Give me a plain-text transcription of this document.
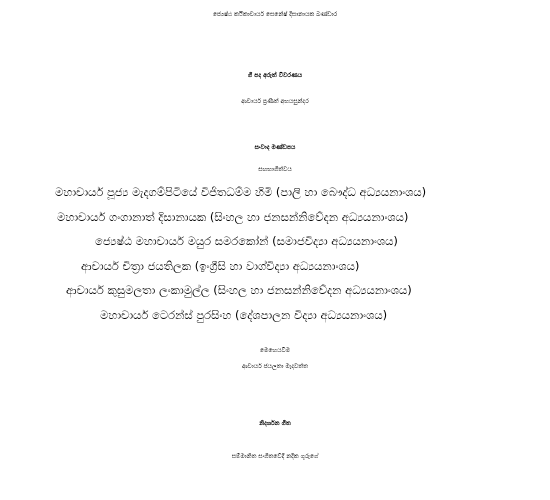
ජ්‍යෙෂ්ඨ කථිකාචාර්ය සෙනේෂ් දිසානායක බණ්ඩාර
ගී පද අරුත් විවරණය
ආචාර්ය ප්‍රණීත් අභයසුන්දර
සංවාද මණ්ඩපය
සහභාගීත්වය
මහාචාර්ය පූජ්‍ය මැදගම්පිටියේ විජිතධම්ම හිමි (පාලි හා බෞද්ධ අධ්‍යයනාංශය)
මහාචාර්ය ගංගානාත් දිසානායක (සිංහල හා ජනසන්නිවේදන අධ්‍යයනාංශය)
ජ්‍යෙෂ්ඨ මහාචාර්ය මයුර සමරකෝන් (සමාජවිද්‍යා අධ්‍යයනාංශය)
ආචාර්ය චිත්‍රා ජයතිලක (ඉංග්‍රීසි හා වාග්විද්‍යා අධ්‍යයනාංශය)
ආචාර්ය කුසුමලතා ලංකාමුල්ල (සිංහල හා ජනසන්නිවේදන අධ්‍යයනාංශය)
මහාචාර්ය ටෙරන්ස් පුරසිංහ (දේශපාලන විද්‍යා අධ්‍යයනාංශය)
මෙහෙයවීම
ආචාර්ය ජයලතා මැදවත්ත
නිදර්ශන ගීත
සම්මානිත සංගීතවේදී නදීක ගුරුගේ
